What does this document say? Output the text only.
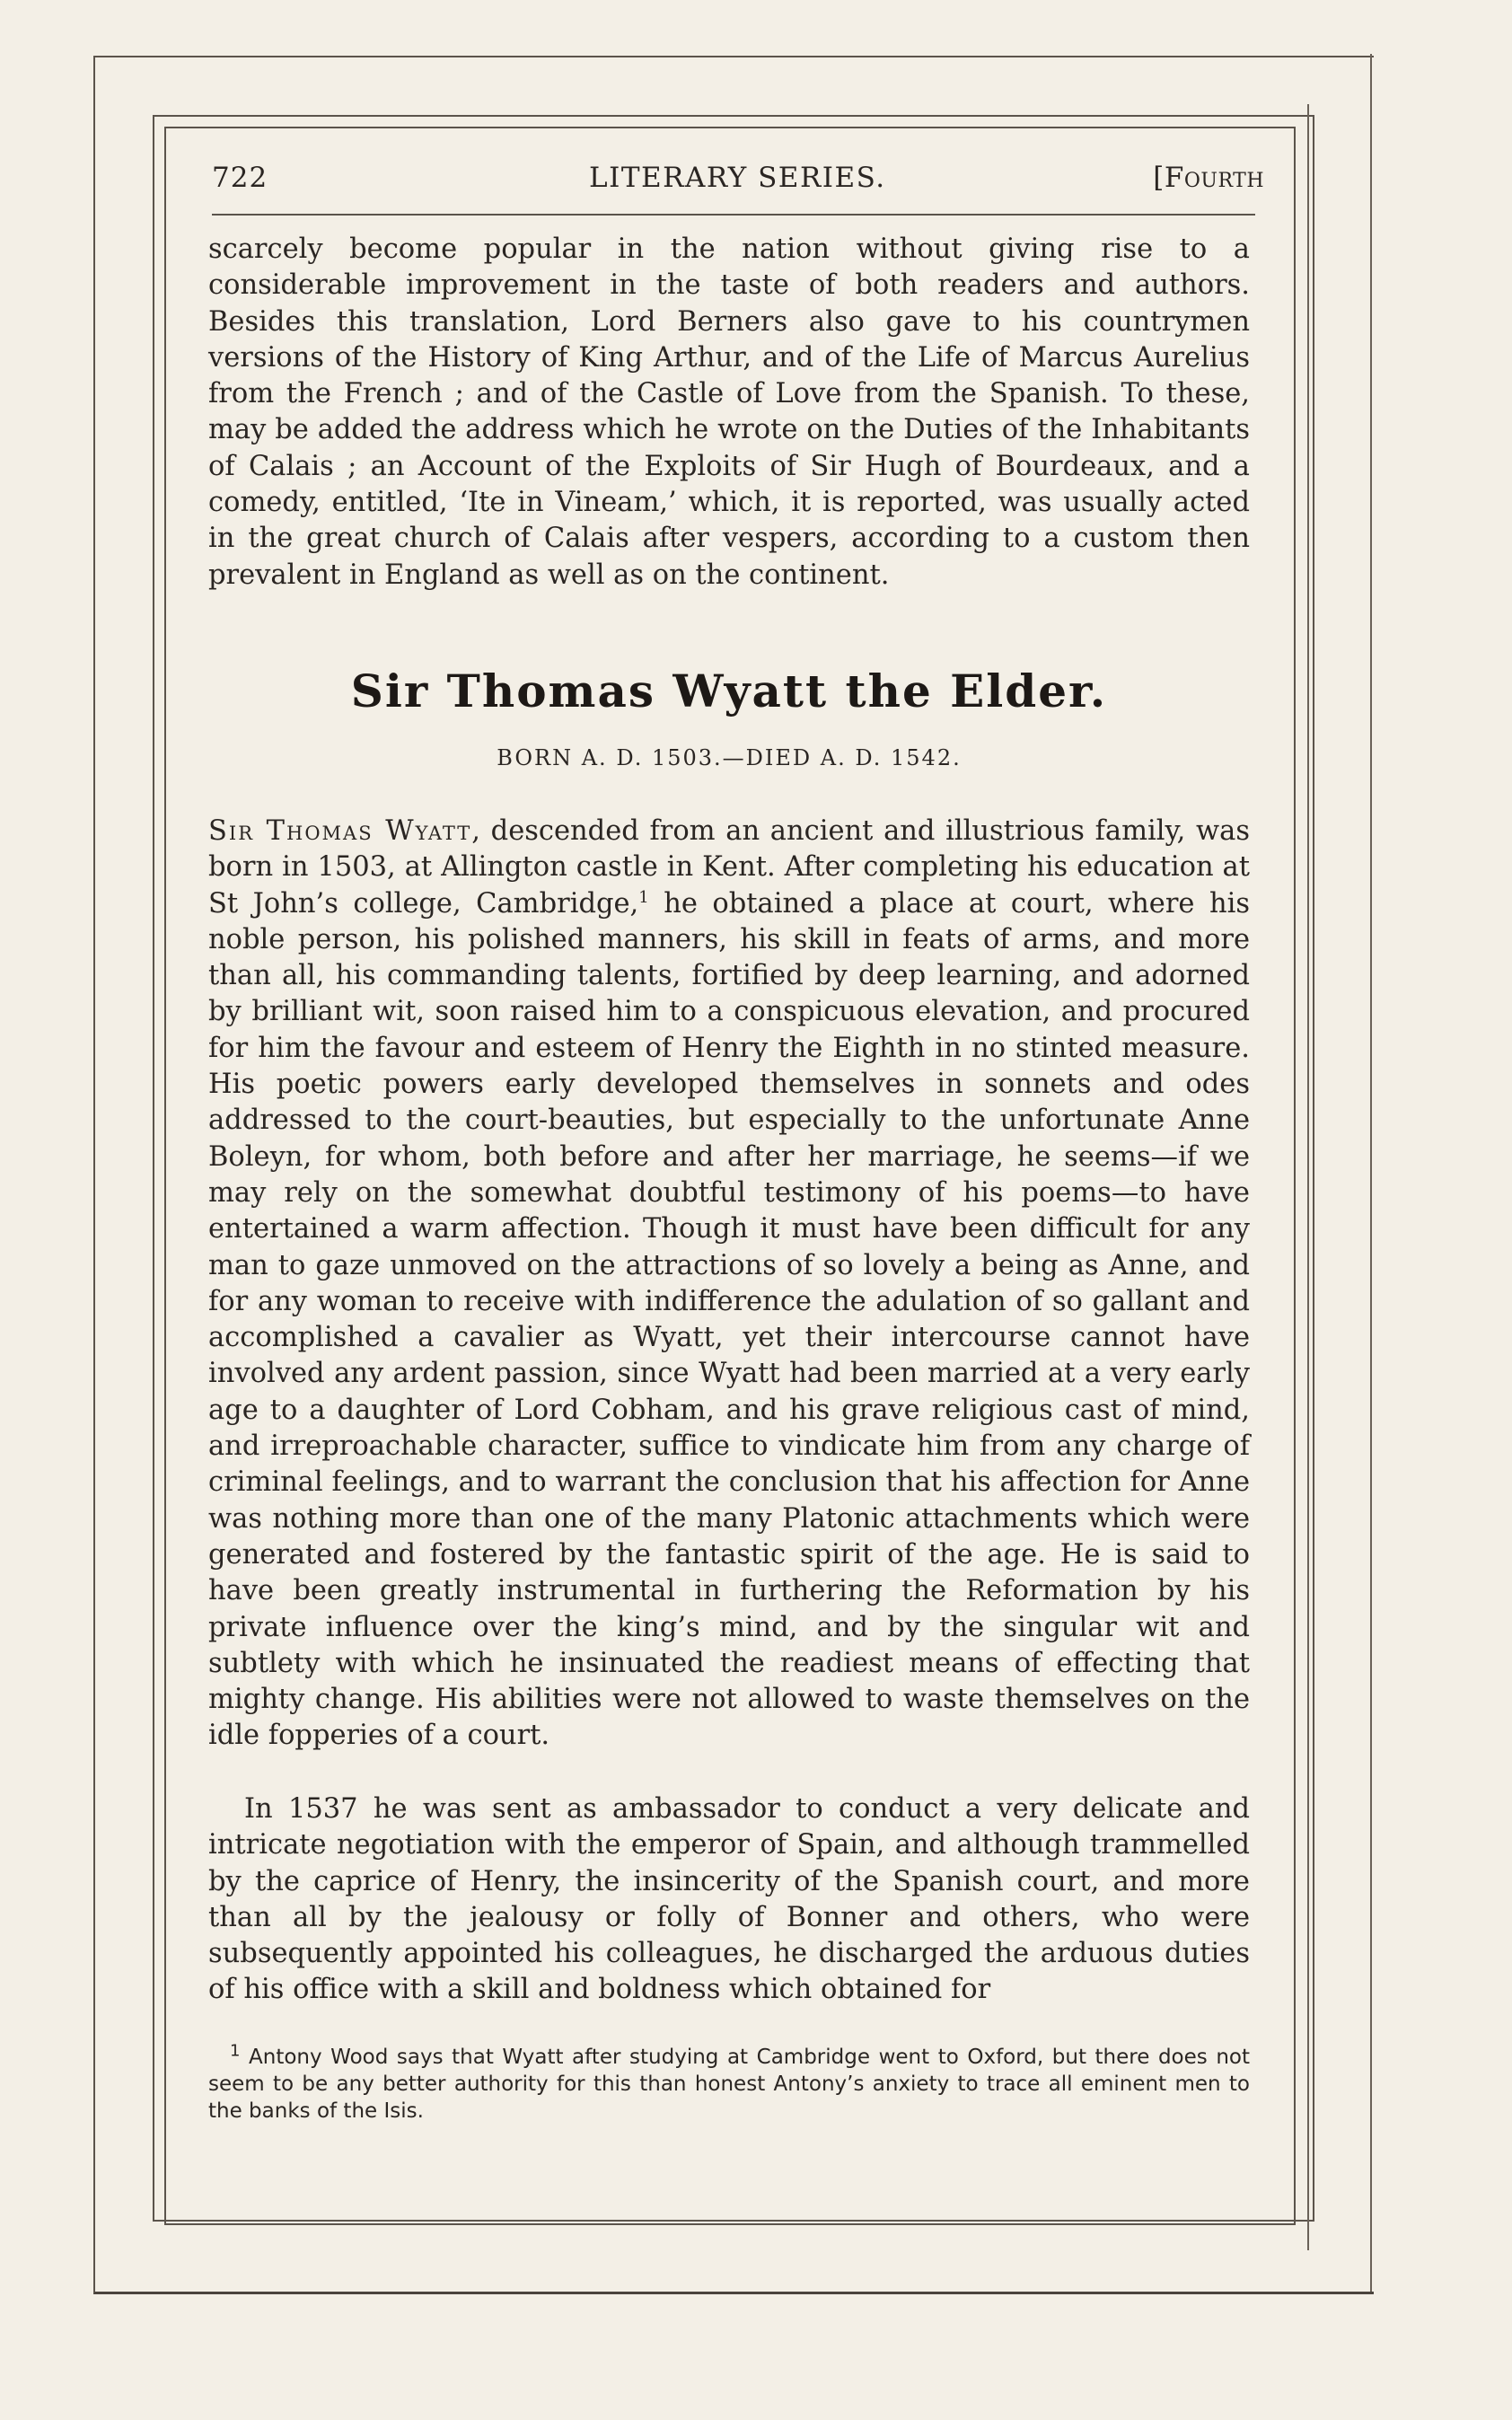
722	LITERARY SERIES.	[Fourth

scarcely become popular in the nation without giving rise to a considerable improvement in the taste of both readers and authors. Besides this translation, Lord Berners also gave to his countrymen versions of the History of King Arthur, and of the Life of Marcus Aurelius from the French ; and of the Castle of Love from the Spanish. To these, may be added the address which he wrote on the Duties of the Inhabitants of Calais ; an Account of the Exploits of Sir Hugh of Bourdeaux, and a comedy, entitled, ‘Ite in Vineam,’ which, it is reported, was usually acted in the great church of Calais after vespers, according to a custom then prevalent in England as well as on the continent.

Sir Thomas Wyatt the Elder.
BORN A. D. 1503.—DIED A. D. 1542.

Sir Thomas Wyatt, descended from an ancient and illustrious family, was born in 1503, at Allington castle in Kent. After completing his education at St John’s college, Cambridge,$^1$ he obtained a place at court, where his noble person, his polished manners, his skill in feats of arms, and more than all, his commanding talents, fortified by deep learning, and adorned by brilliant wit, soon raised him to a conspicuous elevation, and procured for him the favour and esteem of Henry the Eighth in no stinted measure. His poetic powers early developed themselves in sonnets and odes addressed to the court-beauties, but especially to the unfortunate Anne Boleyn, for whom, both before and after her marriage, he seems—if we may rely on the somewhat doubtful testimony of his poems—to have entertained a warm affection. Though it must have been difficult for any man to gaze unmoved on the attractions of so lovely a being as Anne, and for any woman to receive with indifference the adulation of so gallant and accomplished a cavalier as Wyatt, yet their intercourse cannot have involved any ardent passion, since Wyatt had been married at a very early age to a daughter of Lord Cobham, and his grave religious cast of mind, and irreproachable character, suffice to vindicate him from any charge of criminal feelings, and to warrant the conclusion that his affection for Anne was nothing more than one of the many Platonic attachments which were generated and fostered by the fantastic spirit of the age. He is said to have been greatly instrumental in furthering the Reformation by his private influence over the king’s mind, and by the singular wit and subtlety with which he insinuated the readiest means of effecting that mighty change. His abilities were not allowed to waste themselves on the idle fopperies of a court.

In 1537 he was sent as ambassador to conduct a very delicate and intricate negotiation with the emperor of Spain, and although trammelled by the caprice of Henry, the insincerity of the Spanish court, and more than all by the jealousy or folly of Bonner and others, who were subsequently appointed his colleagues, he discharged the arduous duties of his office with a skill and boldness which obtained for

$^1$ Antony Wood says that Wyatt after studying at Cambridge went to Oxford, but there does not seem to be any better authority for this than honest Antony’s anxiety to trace all eminent men to the banks of the Isis.
